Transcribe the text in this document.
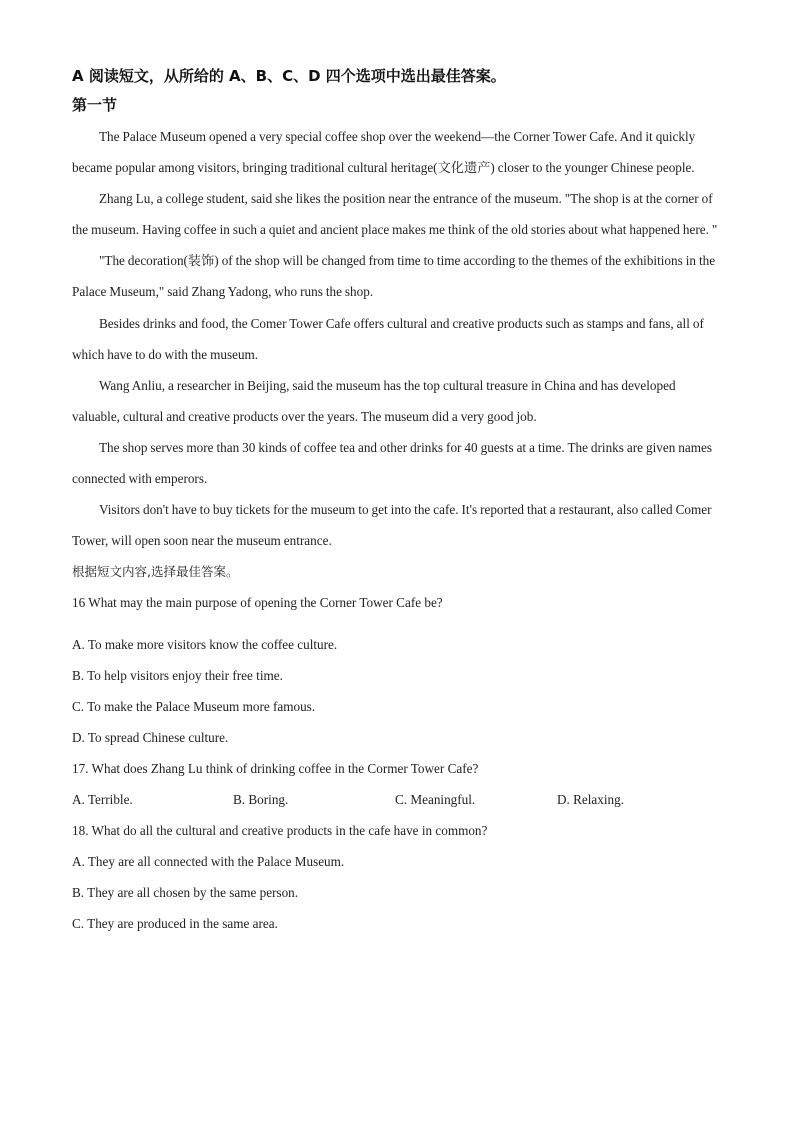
A 阅读短文，从所给的 A、B、C、D 四个选项中选出最佳答案。
第一节

The Palace Museum opened a very special coffee shop over the weekend—the Corner Tower Cafe. And it quickly became popular among visitors, bringing traditional cultural heritage(文化遗产) closer to the younger Chinese people.

Zhang Lu, a college student, said she likes the position near the entrance of the museum. "The shop is at the corner of the museum. Having coffee in such a quiet and ancient place makes me think of the old stories about what happened here. "

"The decoration(装饰) of the shop will be changed from time to time according to the themes of the exhibitions in the Palace Museum," said Zhang Yadong, who runs the shop.

Besides drinks and food, the Comer Tower Cafe offers cultural and creative products such as stamps and fans, all of which have to do with the museum.

Wang Anliu, a researcher in Beijing, said the museum has the top cultural treasure in China and has developed valuable, cultural and creative products over the years. The museum did a very good job.

The shop serves more than 30 kinds of coffee tea and other drinks for 40 guests at a time. The drinks are given names connected with emperors.

Visitors don't have to buy tickets for the museum to get into the cafe. It's reported that a restaurant, also called Comer Tower, will open soon near the museum entrance.

根据短文内容,选择最佳答案。

16 What may the main purpose of opening the Corner Tower Cafe be?

A. To make more visitors know the coffee culture.

B. To help visitors enjoy their free time.

C. To make the Palace Museum more famous.

D. To spread Chinese culture.

17. What does Zhang Lu think of drinking coffee in the Cormer Tower Cafe?

A. Terrible.	B. Boring.	C. Meaningful.	D. Relaxing.

18. What do all the cultural and creative products in the cafe have in common?

A. They are all connected with the Palace Museum.

B. They are all chosen by the same person.

C. They are produced in the same area.
